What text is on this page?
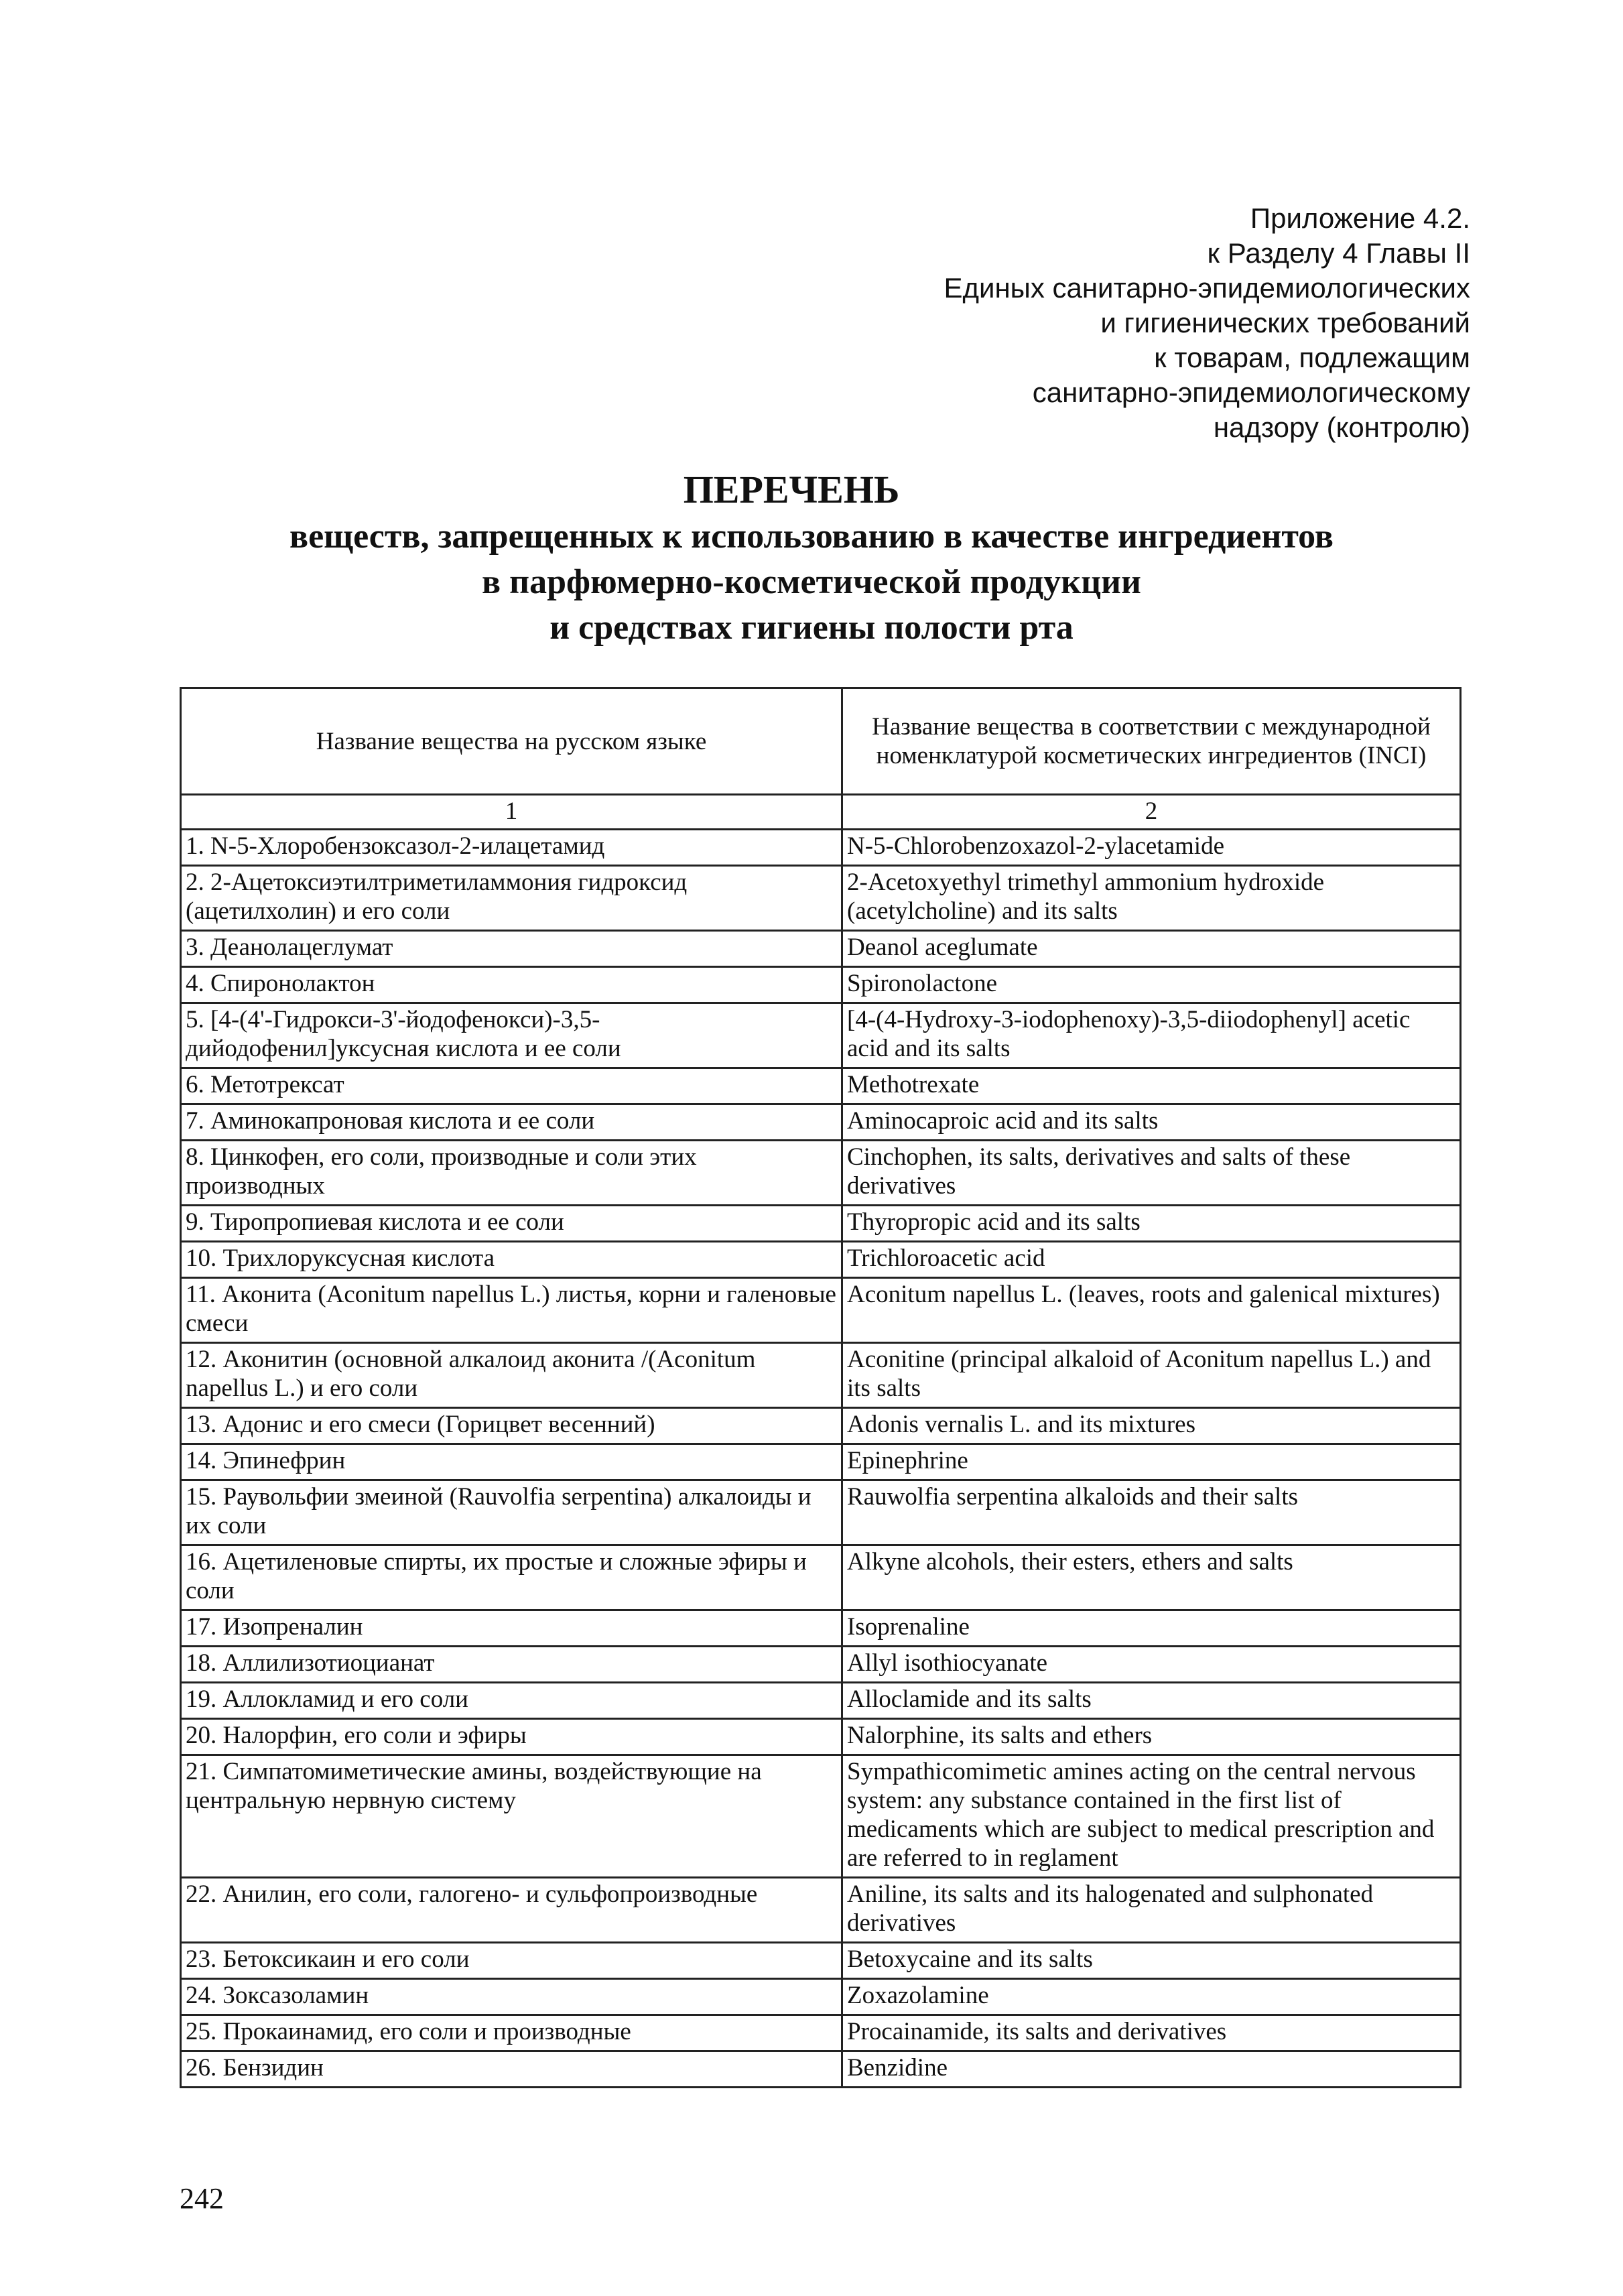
Приложение 4.2.
к Разделу 4 Главы II
Единых санитарно-эпидемиологических
и гигиенических требований
к товарам, подлежащим
санитарно-эпидемиологическому
надзору (контролю)
ПЕРЕЧЕНЬ
веществ, запрещенных к использованию в качестве ингредиентов
в парфюмерно-косметической продукции
и средствах гигиены полости рта
Название вещества на русском языке	Название вещества в соответствии с международной номенклатурой косметических ингредиентов (INCI)
1	2
1. N-5-Хлоробензоксазол-2-илацетамид	N-5-Chlorobenzoxazol-2-ylacetamide
2. 2-Ацетоксиэтилтриметиламмония гидроксид (ацетилхолин) и его соли	2-Acetoxyethyl trimethyl ammonium hydroxide (acetylcholine) and its salts
3. Деанолацеглумат	Deanol aceglumate
4. Спиронолактон	Spironolactone
5. [4-(4'-Гидрокси-3'-йодофенокси)-3,5-дийодофенил]уксусная кислота и ее соли	[4-(4-Hydroxy-3-iodophenoxy)-3,5-diiodophenyl] acetic acid and its salts
6. Метотрексат	Methotrexate
7. Аминокапроновая кислота и ее соли	Aminocaproic acid and its salts
8. Цинкофен, его соли, производные и соли этих производных	Cinchophen, its salts, derivatives and salts of these derivatives
9. Тиропропиевая кислота и ее соли	Thyropropic acid and its salts
10. Трихлоруксусная кислота	Trichloroacetic acid
11. Аконита (Aconitum napellus L.) листья, корни и галеновые смеси	Aconitum napellus L. (leaves, roots and galenical mixtures)
12. Аконитин (основной алкалоид аконита /(Aconitum napellus L.) и его соли	Aconitine (principal alkaloid of Aconitum napellus L.) and its salts
13. Адонис и его смеси (Горицвет весенний)	Adonis vernalis L. and its mixtures
14. Эпинефрин	Epinephrine
15. Раувольфии змеиной (Rauvolfia serpentina) алкалоиды и их соли	Rauwolfia serpentina alkaloids and their salts
16. Ацетиленовые спирты, их простые и сложные эфиры и соли	Alkyne alcohols, their esters, ethers and salts
17. Изопреналин	Isoprenaline
18. Аллилизотиоцианат	Allyl isothiocyanate
19. Аллокламид и его соли	Alloclamide and its salts
20. Налорфин, его соли и эфиры	Nalorphine, its salts and ethers
21. Симпатомиметические амины, воздействующие на центральную нервную систему	Sympathicomimetic amines acting on the central nervous system: any substance contained in the first list of medicaments which are subject to medical prescription and are referred to in reglament
22. Анилин, его соли, галогено- и сульфопроизводные	Aniline, its salts and its halogenated and sulphonated derivatives
23. Бетоксикаин и его соли	Betoxycaine and its salts
24. Зоксазоламин	Zoxazolamine
25. Прокаинамид, его соли и производные	Procainamide, its salts and derivatives
26. Бензидин	Benzidine
242
